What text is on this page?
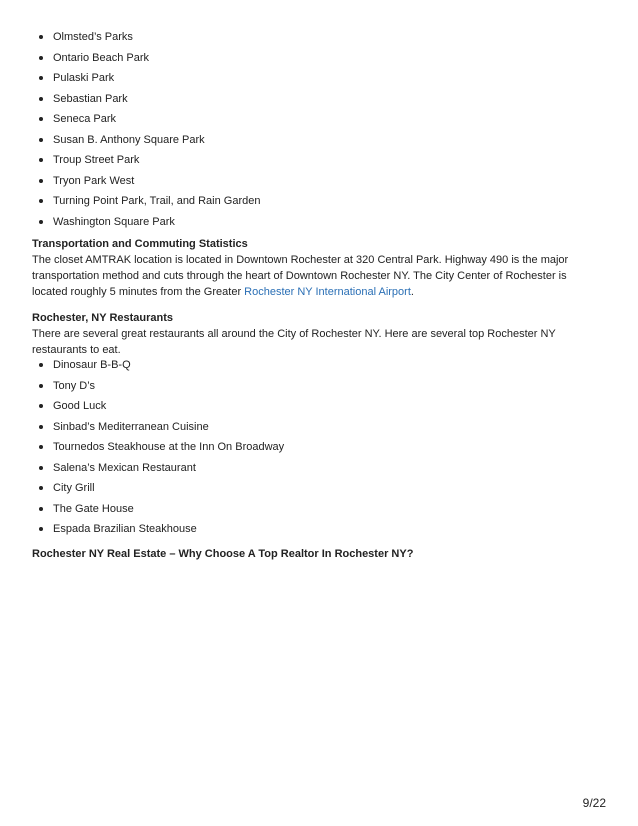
Olmsted’s Parks
Ontario Beach Park
Pulaski Park
Sebastian Park
Seneca Park
Susan B. Anthony Square Park
Troup Street Park
Tryon Park West
Turning Point Park, Trail, and Rain Garden
Washington Square Park

Transportation and Commuting Statistics

The closet AMTRAK location is located in Downtown Rochester at 320 Central Park. Highway 490 is the major transportation method and cuts through the heart of Downtown Rochester NY. The City Center of Rochester is located roughly 5 minutes from the Greater Rochester NY International Airport.

Rochester, NY Restaurants

There are several great restaurants all around the City of Rochester NY. Here are several top Rochester NY restaurants to eat.

Dinosaur B-B-Q
Tony D’s
Good Luck
Sinbad’s Mediterranean Cuisine
Tournedos Steakhouse at the Inn On Broadway
Salena’s Mexican Restaurant
City Grill
The Gate House
Espada Brazilian Steakhouse

Rochester NY Real Estate – Why Choose A Top Realtor In Rochester NY?

9/22
